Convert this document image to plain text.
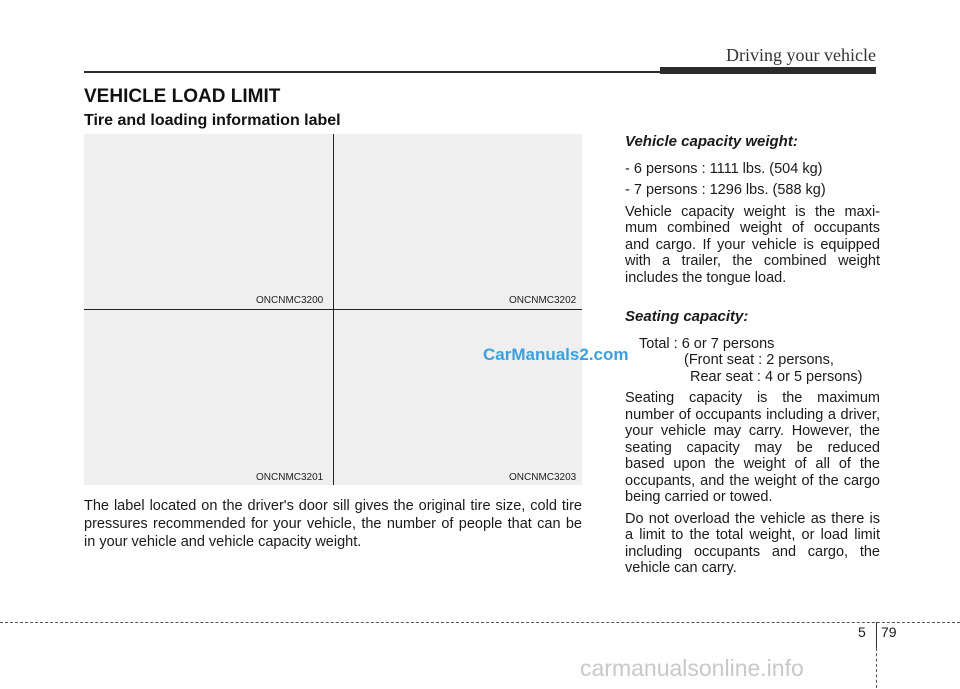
Driving your vehicle
VEHICLE LOAD LIMIT
Tire and loading information label
ONCNMC3200	ONCNMC3202
ONCNMC3201	ONCNMC3203
CarManuals2.com

The label located on the driver's door sill gives the original tire size, cold tire pressures recommended for your vehicle, the number of people that can be in your vehicle and vehicle capacity weight.

Vehicle capacity weight:

- 6 persons : 1111 lbs. (504 kg)

- 7 persons : 1296 lbs. (588 kg)

Vehicle capacity weight is the maxi- mum combined weight of occupants and cargo. If your vehicle is equipped with a trailer, the combined weight includes the tongue load.

Seating capacity:

Total : 6 or 7 persons

(Front seat : 2 persons,

Rear seat : 4 or 5 persons)

Seating capacity is the maximum number of occupants including a driver, your vehicle may carry. However, the seating capacity may be reduced based upon the weight of all of the occupants, and the weight of the cargo being carried or towed.

Do not overload the vehicle as there is a limit to the total weight, or load limit including occupants and cargo, the vehicle can carry.

5 79
carmanualsonline.info
